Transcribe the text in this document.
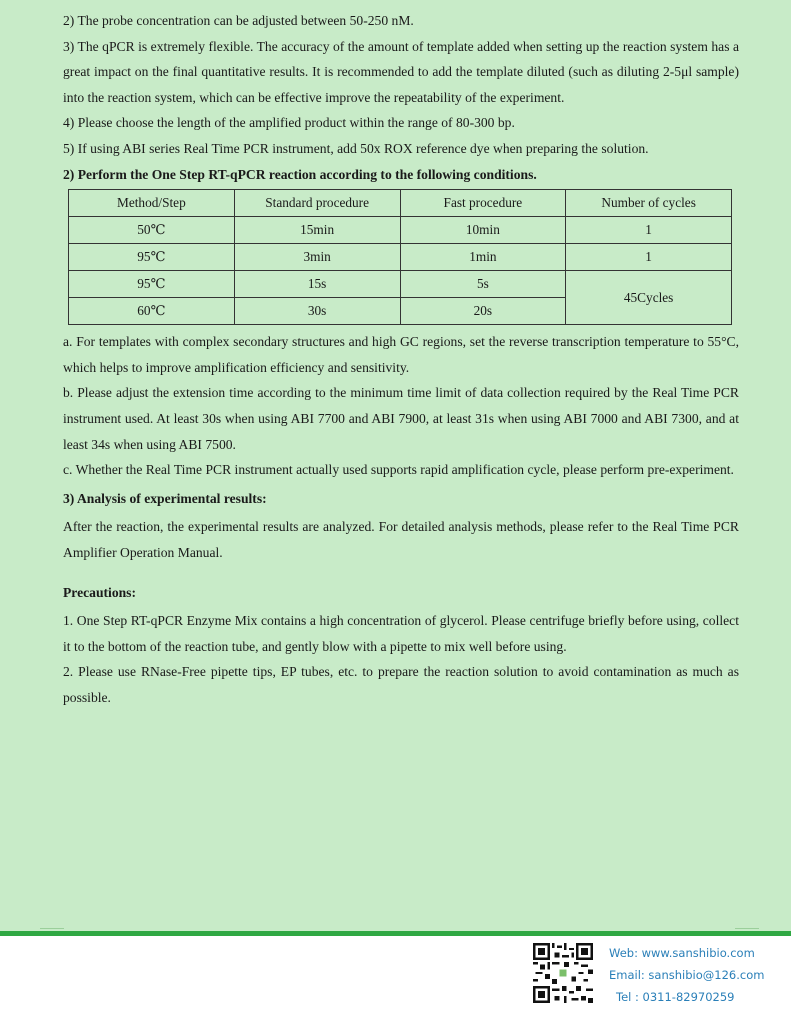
2) The probe concentration can be adjusted between 50-250 nM.

3) The qPCR is extremely flexible. The accuracy of the amount of template added when setting up the reaction system has a great impact on the final quantitative results. It is recommended to add the template diluted (such as diluting 2-5μl sample) into the reaction system, which can be effective improve the repeatability of the experiment.

4) Please choose the length of the amplified product within the range of 80-300 bp.

5) If using ABI series Real Time PCR instrument, add 50x ROX reference dye when preparing the solution.

2) Perform the One Step RT-qPCR reaction according to the following conditions.

Method/Step	Standard procedure	Fast procedure	Number of cycles
50℃	15min	10min	1
95℃	3min	1min	1
95℃	15s	5s	45Cycles
60℃	30s	20s	

a. For templates with complex secondary structures and high GC regions, set the reverse transcription temperature to 55°C, which helps to improve amplification efficiency and sensitivity.

b. Please adjust the extension time according to the minimum time limit of data collection required by the Real Time PCR instrument used. At least 30s when using ABI 7700 and ABI 7900, at least 31s when using ABI 7000 and ABI 7300, and at least 34s when using ABI 7500.

c. Whether the Real Time PCR instrument actually used supports rapid amplification cycle, please perform pre-experiment.

3) Analysis of experimental results:

After the reaction, the experimental results are analyzed. For detailed analysis methods, please refer to the Real Time PCR Amplifier Operation Manual.

Precautions:

1. One Step RT-qPCR Enzyme Mix contains a high concentration of glycerol. Please centrifuge briefly before using, collect it to the bottom of the reaction tube, and gently blow with a pipette to mix well before using.

2. Please use RNase-Free pipette tips, EP tubes, etc. to prepare the reaction solution to avoid contamination as much as possible.

Web: www.sanshibio.com
Email: sanshibio@126.com
Tel : 0311-82970259
